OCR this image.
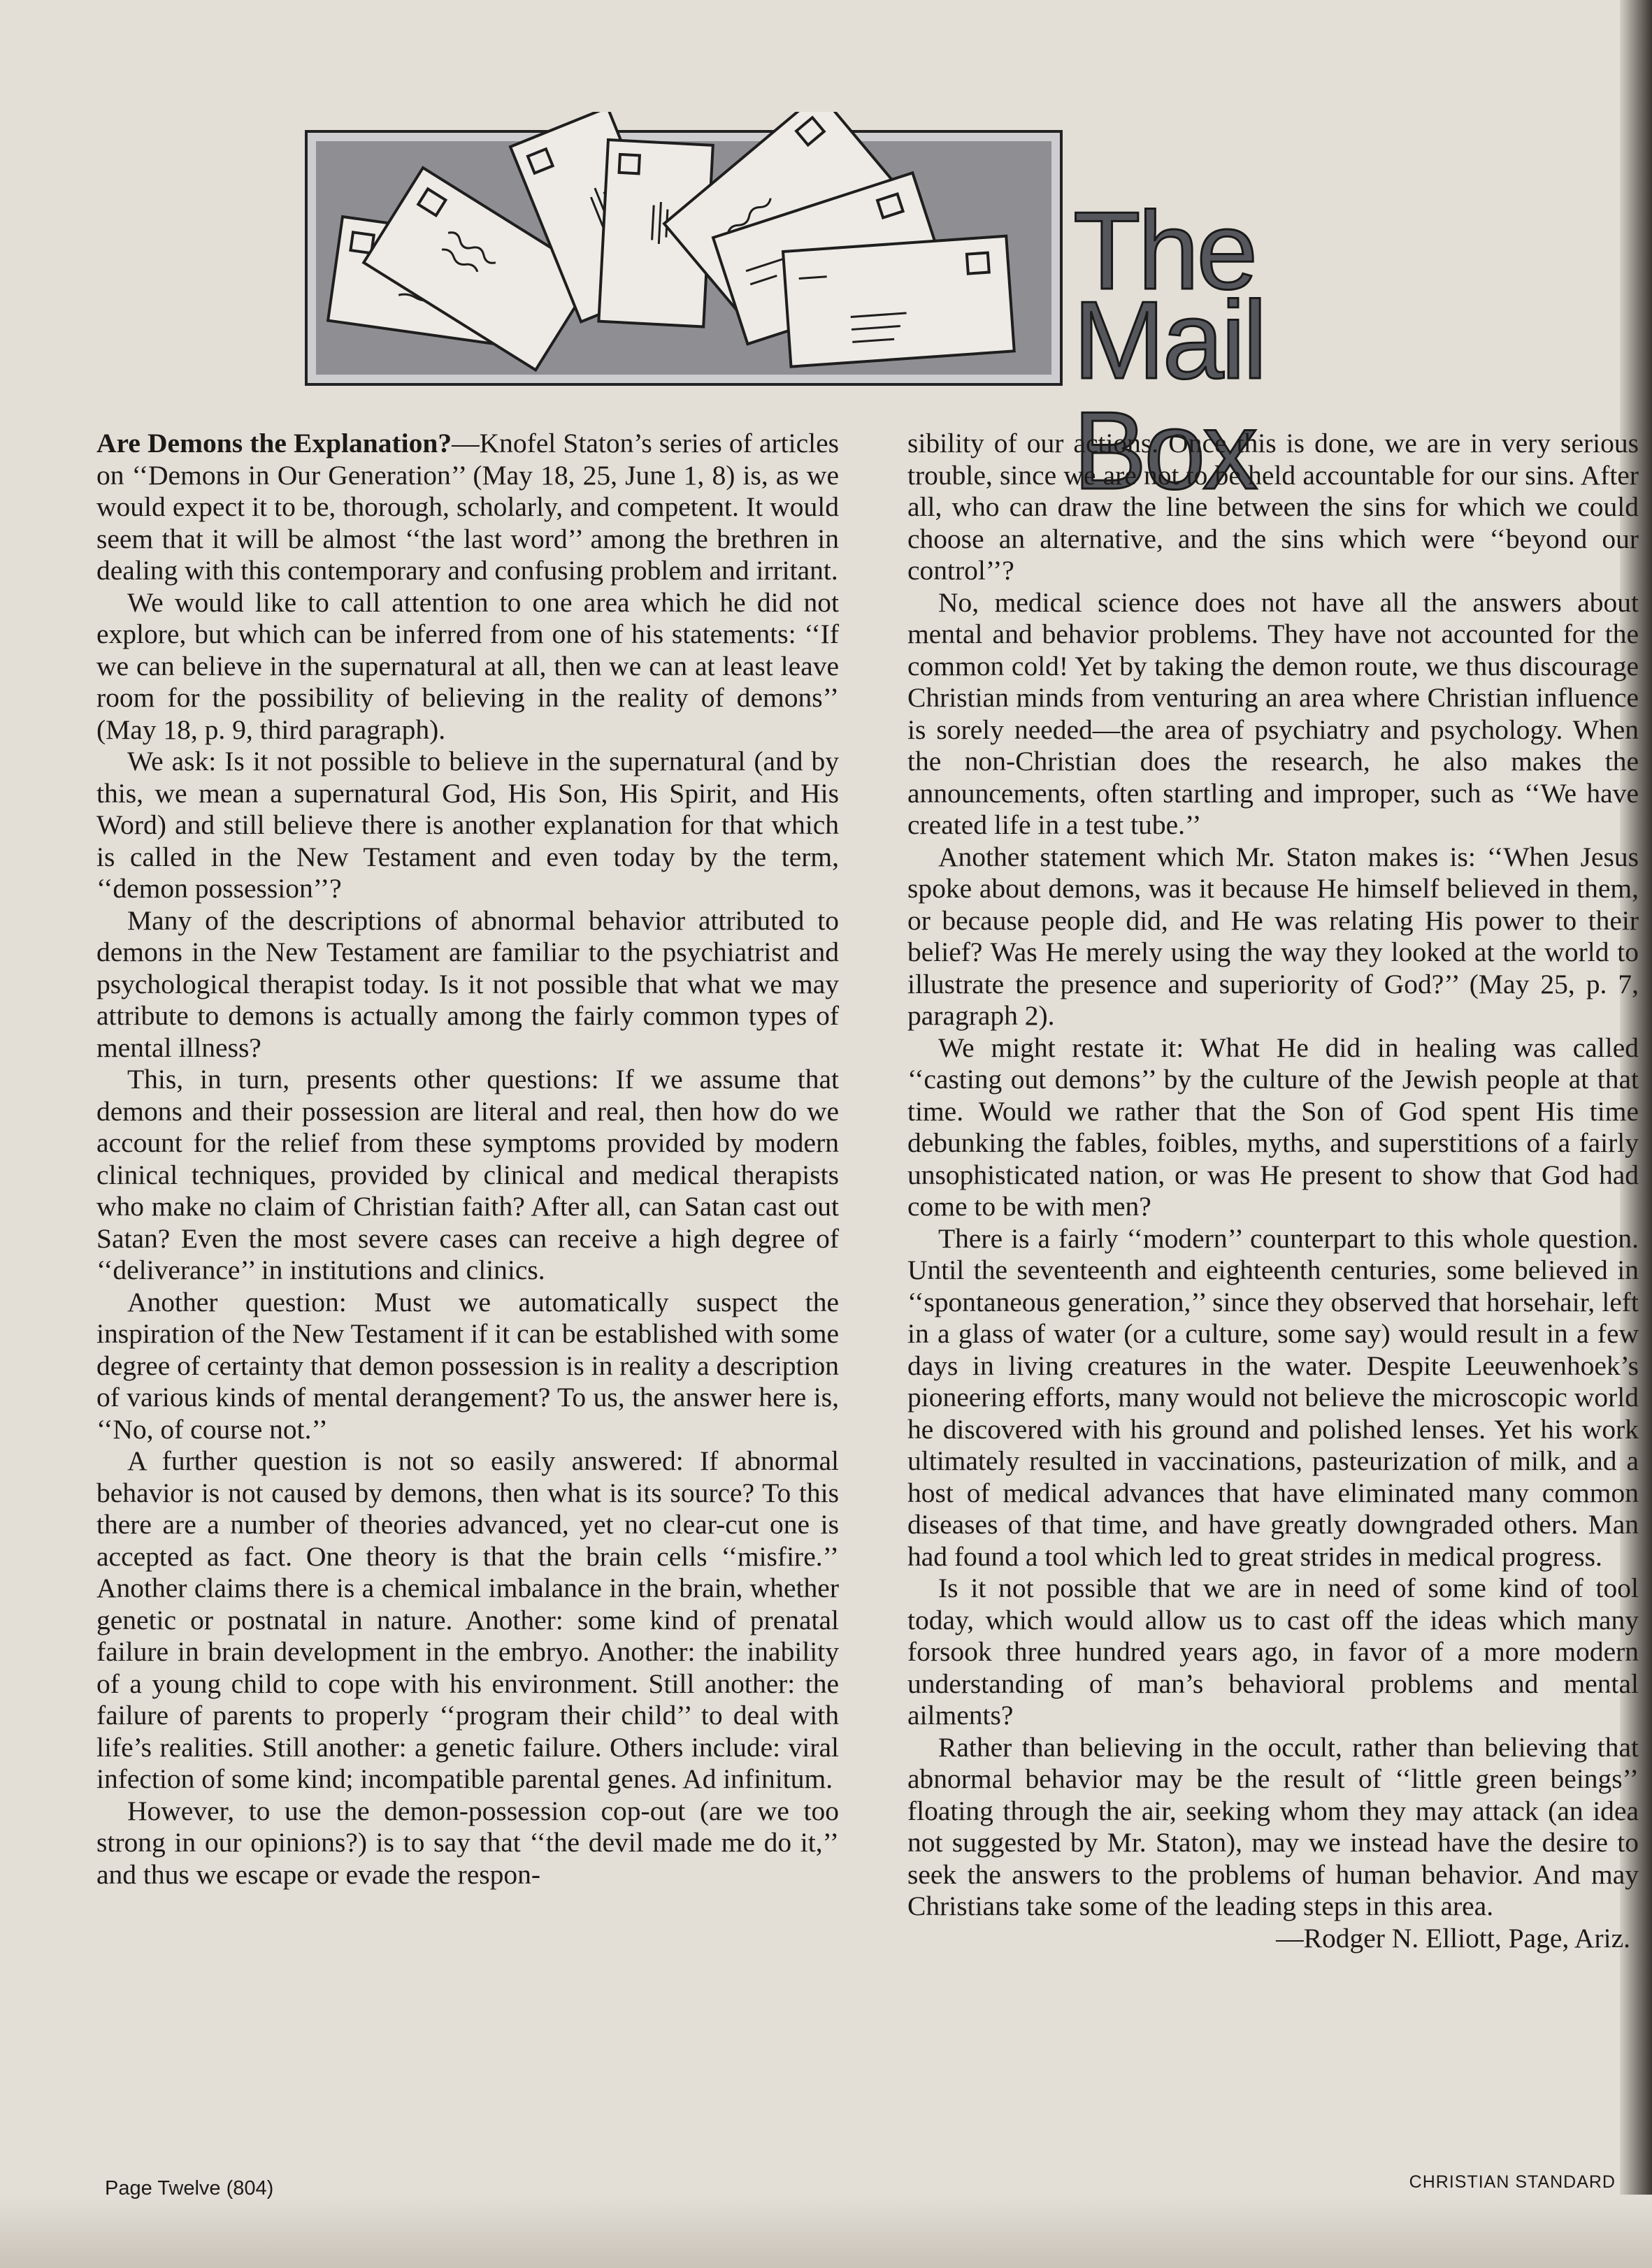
The
Mail Box

Are Demons the Explanation?—Knofel Staton’s series of articles on ‘‘Demons in Our Generation’’ (May 18, 25, June 1, 8) is, as we would expect it to be, thorough, scholarly, and competent. It would seem that it will be almost ‘‘the last word’’ among the brethren in dealing with this contemporary and confusing problem and irritant.

We would like to call attention to one area which he did not explore, but which can be inferred from one of his statements: ‘‘If we can believe in the supernatural at all, then we can at least leave room for the possibility of believing in the reality of demons’’ (May 18, p. 9, third paragraph).

We ask: Is it not possible to believe in the supernatural (and by this, we mean a supernatural God, His Son, His Spirit, and His Word) and still believe there is another explanation for that which is called in the New Testament and even today by the term, ‘‘demon possession’’?

Many of the descriptions of abnormal behavior attributed to demons in the New Testament are familiar to the psychiatrist and psychological therapist today. Is it not possible that what we may attribute to demons is actually among the fairly common types of mental illness?

This, in turn, presents other questions: If we assume that demons and their possession are literal and real, then how do we account for the relief from these symptoms provided by modern clinical techniques, provided by clinical and medical therapists who make no claim of Christian faith? After all, can Satan cast out Satan? Even the most severe cases can receive a high degree of ‘‘deliverance’’ in institutions and clinics.

Another question: Must we automatically suspect the inspiration of the New Testament if it can be established with some degree of certainty that demon possession is in reality a description of various kinds of mental derangement? To us, the answer here is, ‘‘No, of course not.’’

A further question is not so easily answered: If abnormal behavior is not caused by demons, then what is its source? To this there are a number of theories advanced, yet no clear-cut one is accepted as fact. One theory is that the brain cells ‘‘misfire.’’ Another claims there is a chemical imbalance in the brain, whether genetic or postnatal in nature. Another: some kind of prenatal failure in brain development in the embryo. Another: the inability of a young child to cope with his environment. Still another: the failure of parents to properly ‘‘program their child’’ to deal with life’s realities. Still another: a genetic failure. Others include: viral infection of some kind; incompatible parental genes. Ad infinitum.

However, to use the demon-possession cop-out (are we too strong in our opinions?) is to say that ‘‘the devil made me do it,’’ and thus we escape or evade the respon-

sibility of our actions. Once this is done, we are in very serious trouble, since we are not to be held accountable for our sins. After all, who can draw the line between the sins for which we could choose an alternative, and the sins which were ‘‘beyond our control’’?

No, medical science does not have all the answers about mental and behavior problems. They have not accounted for the common cold! Yet by taking the demon route, we thus discourage Christian minds from venturing an area where Christian influence is sorely needed—the area of psychiatry and psychology. When the non-Christian does the research, he also makes the announcements, often startling and improper, such as ‘‘We have created life in a test tube.’’

Another statement which Mr. Staton makes is: ‘‘When Jesus spoke about demons, was it because He himself believed in them, or because people did, and He was relating His power to their belief? Was He merely using the way they looked at the world to illustrate the presence and superiority of God?’’ (May 25, p. 7, paragraph 2).

We might restate it: What He did in healing was called ‘‘casting out demons’’ by the culture of the Jewish people at that time. Would we rather that the Son of God spent His time debunking the fables, foibles, myths, and superstitions of a fairly unsophisticated nation, or was He present to show that God had come to be with men?

There is a fairly ‘‘modern’’ counterpart to this whole question. Until the seventeenth and eighteenth centuries, some believed in ‘‘spontaneous generation,’’ since they observed that horsehair, left in a glass of water (or a culture, some say) would result in a few days in living creatures in the water. Despite Leeuwenhoek’s pioneering efforts, many would not believe the microscopic world he discovered with his ground and polished lenses. Yet his work ultimately resulted in vaccinations, pasteurization of milk, and a host of medical advances that have eliminated many common diseases of that time, and have greatly downgraded others. Man had found a tool which led to great strides in medical progress.

Is it not possible that we are in need of some kind of tool today, which would allow us to cast off the ideas which many forsook three hundred years ago, in favor of a more modern understanding of man’s behavioral problems and mental ailments?

Rather than believing in the occult, rather than believing that abnormal behavior may be the result of ‘‘little green beings’’ floating through the air, seeking whom they may attack (an idea not suggested by Mr. Staton), may we instead have the desire to seek the answers to the problems of human behavior. And may Christians take some of the leading steps in this area.

—Rodger N. Elliott, Page, Ariz.

Page Twelve (804)	CHRISTIAN STANDARD
